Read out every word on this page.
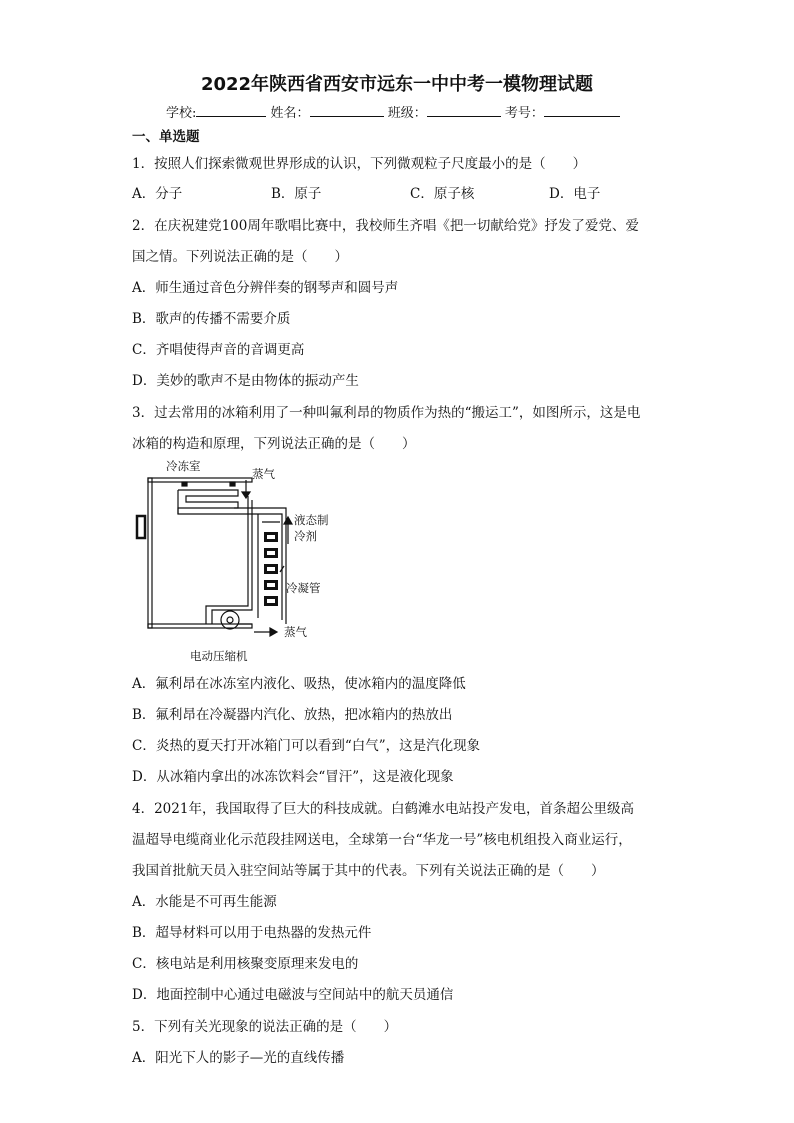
2022年陕西省西安市远东一中中考一模物理试题
学校:	姓名：	班级：	考号：
一、单选题
1．按照人们探索微观世界形成的认识，下列微观粒子尺度最小的是（　　）
A．分子	B．原子	C．原子核	D．电子
2．在庆祝建党100周年歌唱比赛中，我校师生齐唱《把一切献给党》抒发了爱党、爱
国之情。下列说法正确的是（　　）
A．师生通过音色分辨伴奏的钢琴声和圆号声
B．歌声的传播不需要介质
C．齐唱使得声音的音调更高
D．美妙的歌声不是由物体的振动产生
3．过去常用的冰箱利用了一种叫氟利昂的物质作为热的“搬运工”，如图所示，这是电
冰箱的构造和原理，下列说法正确的是（　　）
冷冻室
蒸气
液态制
冷剂
冷凝管
蒸气
电动压缩机
A．氟利昂在冰冻室内液化、吸热，使冰箱内的温度降低
B．氟利昂在冷凝器内汽化、放热，把冰箱内的热放出
C．炎热的夏天打开冰箱门可以看到“白气”，这是汽化现象
D．从冰箱内拿出的冰冻饮料会“冒汗”，这是液化现象
4．2021年，我国取得了巨大的科技成就。白鹤滩水电站投产发电，首条超公里级高
温超导电缆商业化示范段挂网送电，全球第一台“华龙一号”核电机组投入商业运行，
我国首批航天员入驻空间站等属于其中的代表。下列有关说法正确的是（　　）
A．水能是不可再生能源
B．超导材料可以用于电热器的发热元件
C．核电站是利用核聚变原理来发电的
D．地面控制中心通过电磁波与空间站中的航天员通信
5．下列有关光现象的说法正确的是（　　）
A．阳光下人的影子—光的直线传播
